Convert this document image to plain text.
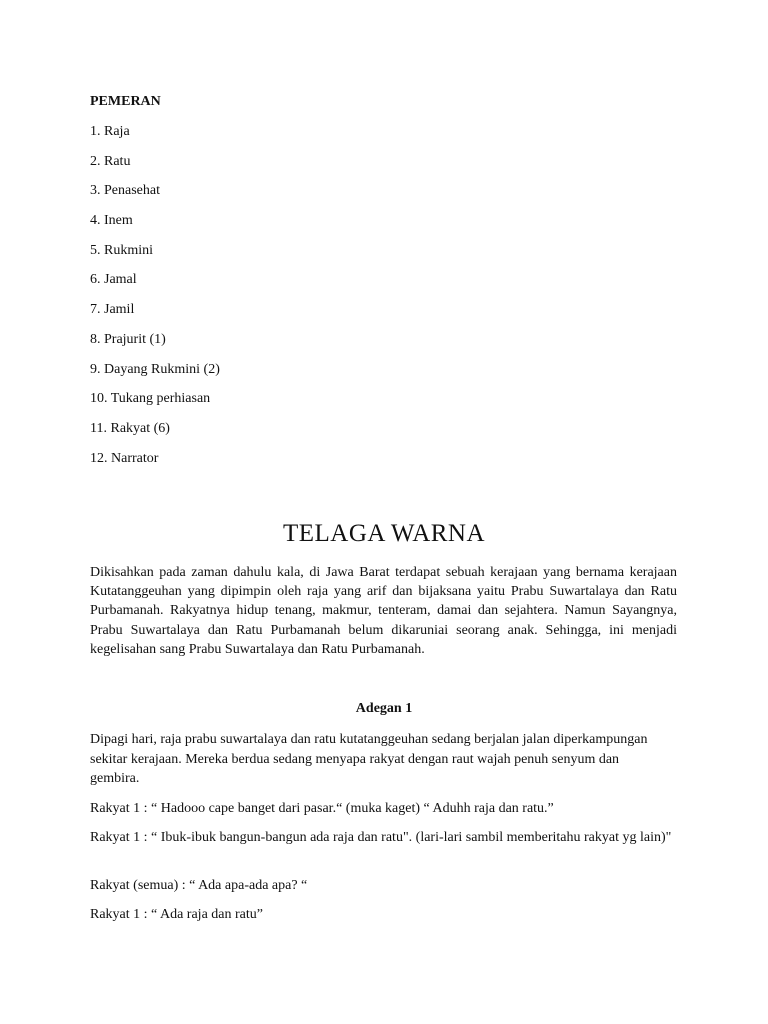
PEMERAN
1. Raja
2. Ratu
3. Penasehat
4. Inem
5. Rukmini
6. Jamal
7. Jamil
8. Prajurit (1)
9. Dayang Rukmini (2)
10. Tukang perhiasan
11. Rakyat (6)
12. Narrator
TELAGA WARNA

Dikisahkan pada zaman dahulu kala, di Jawa Barat terdapat sebuah kerajaan yang bernama kerajaan Kutatanggeuhan yang dipimpin oleh raja yang arif dan bijaksana yaitu Prabu Suwartalaya dan Ratu Purbamanah. Rakyatnya hidup tenang, makmur, tenteram, damai dan sejahtera. Namun Sayangnya, Prabu Suwartalaya dan Ratu Purbamanah belum dikaruniai seorang anak. Sehingga, ini menjadi kegelisahan sang Prabu Suwartalaya dan Ratu Purbamanah.

Adegan 1

Dipagi hari, raja prabu suwartalaya dan ratu kutatanggeuhan sedang berjalan jalan diperkampungan sekitar kerajaan. Mereka berdua sedang menyapa rakyat dengan raut wajah penuh senyum dan gembira.

Rakyat 1 : “ Hadooo cape banget dari pasar.“ (muka kaget) “ Aduhh raja dan ratu.”

Rakyat 1 : “ Ibuk-ibuk bangun-bangun ada raja dan ratu". (lari-lari sambil memberitahu rakyat yg lain)"

Rakyat (semua) : “ Ada apa-ada apa? “

Rakyat 1 : “ Ada raja dan ratu”
